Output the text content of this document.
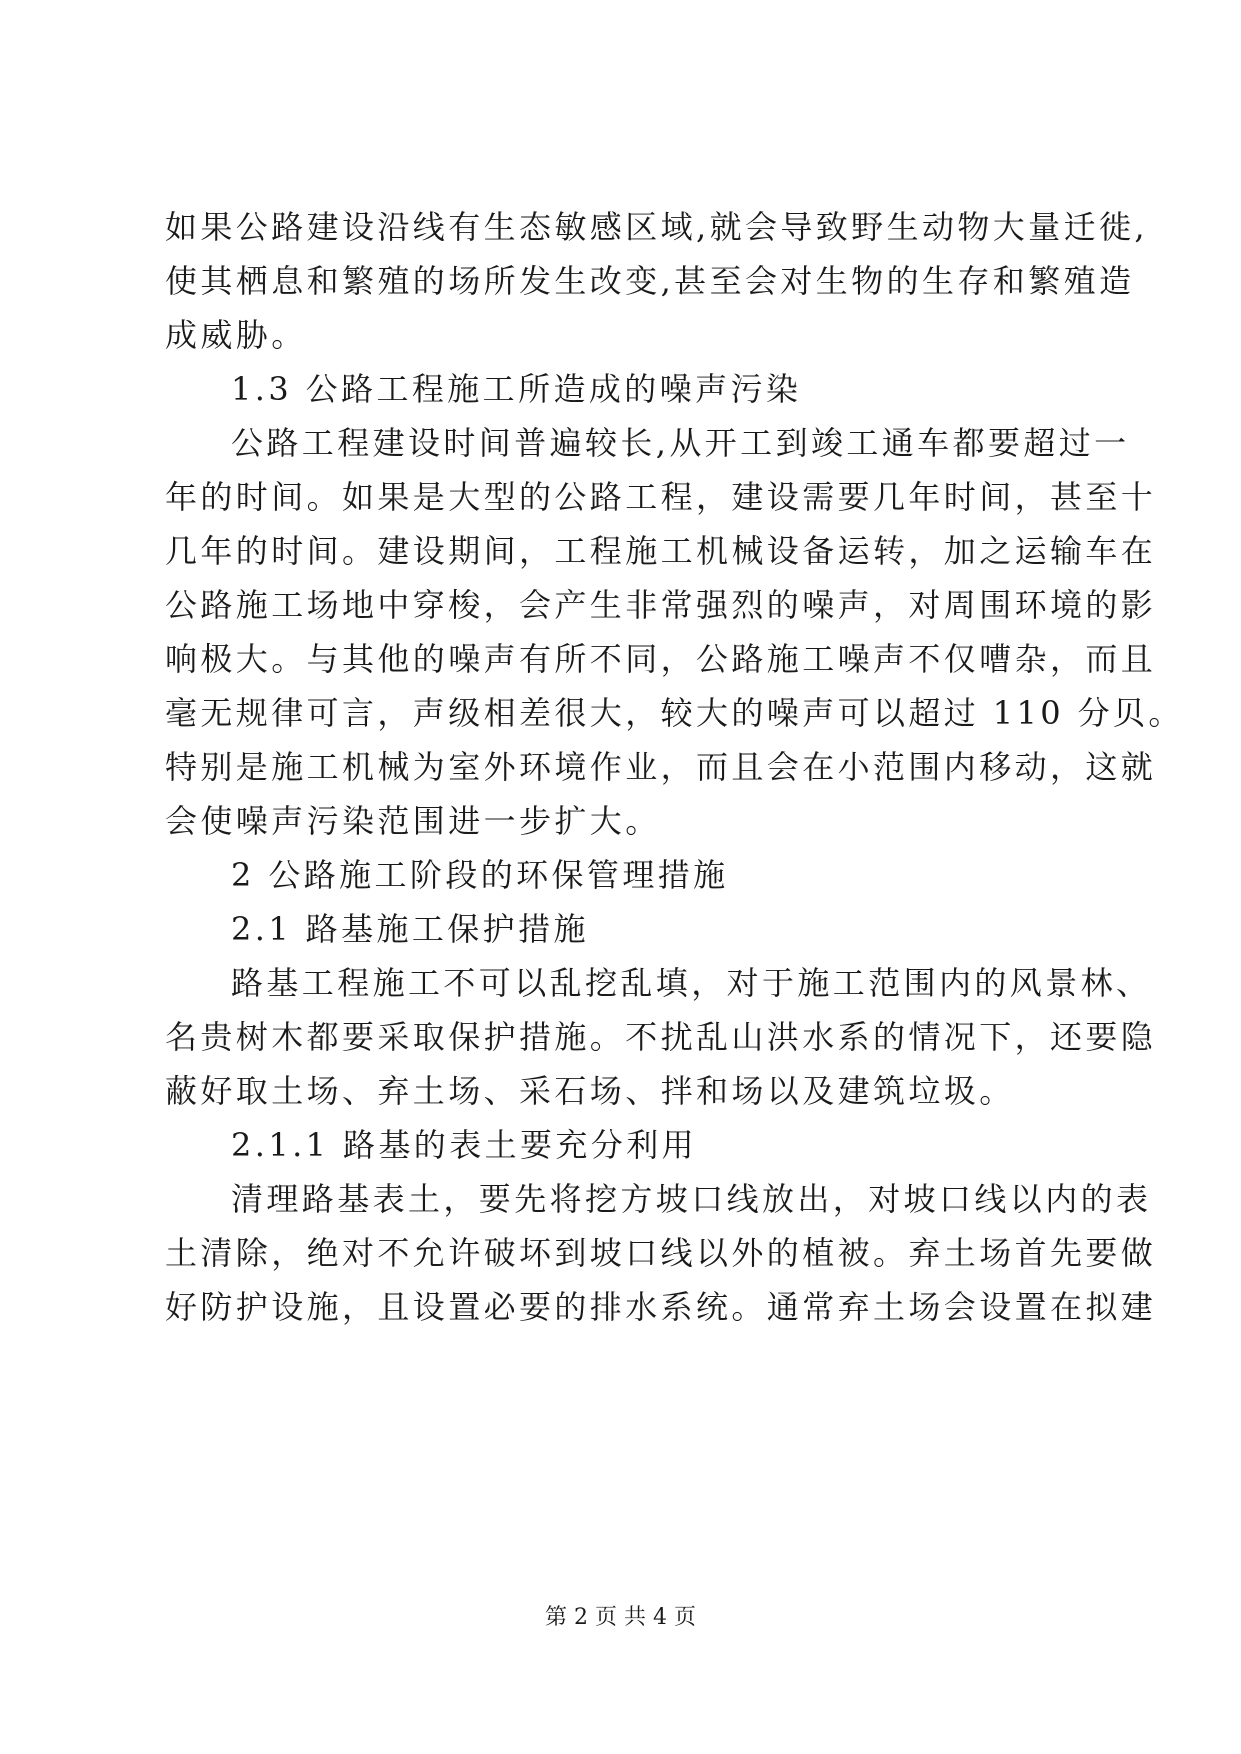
如果公路建设沿线有生态敏感区域,就会导致野生动物大量迁徙,
使其栖息和繁殖的场所发生改变,甚至会对生物的生存和繁殖造
成威胁。
1.3 公路工程施工所造成的噪声污染
公路工程建设时间普遍较长,从开工到竣工通车都要超过一
年的时间。如果是大型的公路工程，建设需要几年时间，甚至十
几年的时间。建设期间，工程施工机械设备运转，加之运输车在
公路施工场地中穿梭，会产生非常强烈的噪声，对周围环境的影
响极大。与其他的噪声有所不同，公路施工噪声不仅嘈杂，而且
毫无规律可言，声级相差很大，较大的噪声可以超过 110 分贝。
特别是施工机械为室外环境作业，而且会在小范围内移动，这就
会使噪声污染范围进一步扩大。
2 公路施工阶段的环保管理措施
2.1 路基施工保护措施
路基工程施工不可以乱挖乱填，对于施工范围内的风景林、
名贵树木都要采取保护措施。不扰乱山洪水系的情况下，还要隐
蔽好取土场、弃土场、采石场、拌和场以及建筑垃圾。
2.1.1 路基的表土要充分利用
清理路基表土，要先将挖方坡口线放出，对坡口线以内的表
土清除，绝对不允许破坏到坡口线以外的植被。弃土场首先要做
好防护设施，且设置必要的排水系统。通常弃土场会设置在拟建
第 2 页 共 4 页
